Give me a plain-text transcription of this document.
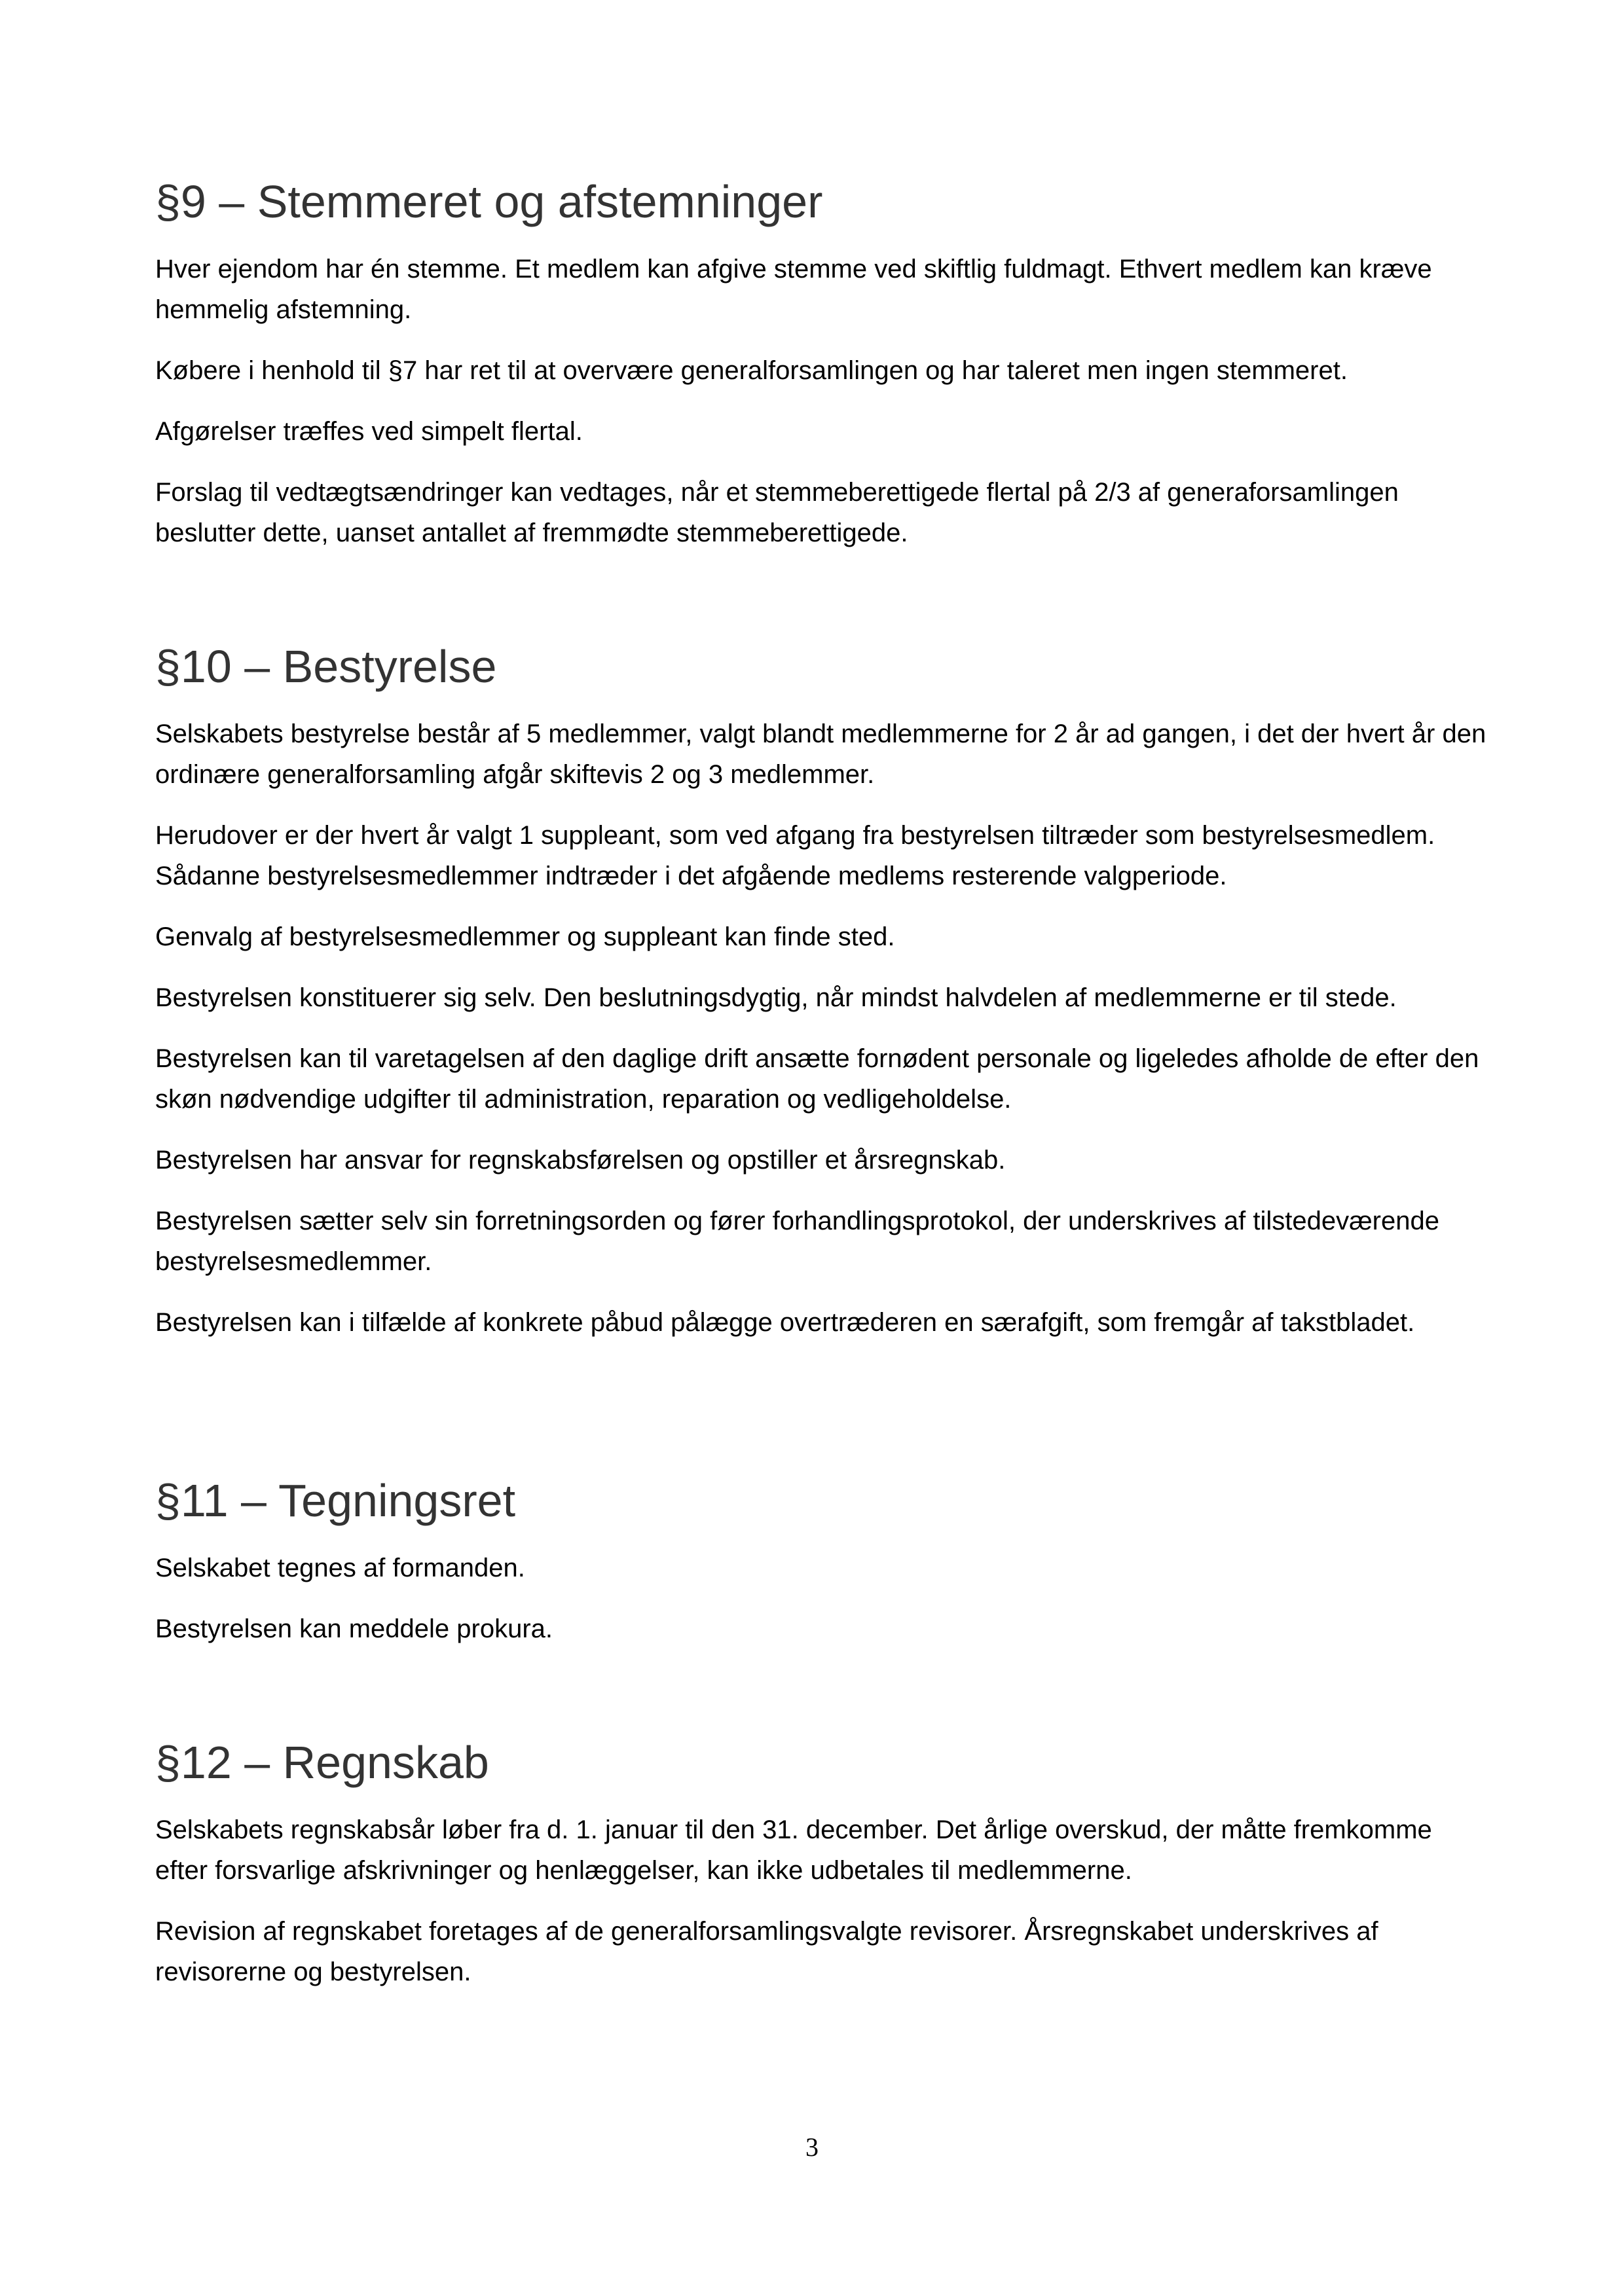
§9 – Stemmeret og afstemninger

Hver ejendom har én stemme. Et medlem kan afgive stemme ved skiftlig fuldmagt. Ethvert medlem kan kræve hemmelig afstemning.

Købere i henhold til §7 har ret til at overvære generalforsamlingen og har taleret men ingen stemmeret.

Afgørelser træffes ved simpelt flertal.

Forslag til vedtægtsændringer kan vedtages, når et stemmeberettigede flertal på 2/3 af generaforsamlingen beslutter dette, uanset antallet af fremmødte stemmeberettigede.

§10 – Bestyrelse

Selskabets bestyrelse består af 5 medlemmer, valgt blandt medlemmerne for 2 år ad gangen, i det der hvert år den ordinære generalforsamling afgår skiftevis 2 og 3 medlemmer.

Herudover er der hvert år valgt 1 suppleant, som ved afgang fra bestyrelsen tiltræder som bestyrelsesmedlem. Sådanne bestyrelsesmedlemmer indtræder i det afgående medlems resterende valgperiode.

Genvalg af bestyrelsesmedlemmer og suppleant kan finde sted.

Bestyrelsen konstituerer sig selv. Den beslutningsdygtig, når mindst halvdelen af medlemmerne er til stede.

Bestyrelsen kan til varetagelsen af den daglige drift ansætte fornødent personale og ligeledes afholde de efter den skøn nødvendige udgifter til administration, reparation og vedligeholdelse.

Bestyrelsen har ansvar for regnskabsførelsen og opstiller et årsregnskab.

Bestyrelsen sætter selv sin forretningsorden og fører forhandlingsprotokol, der underskrives af tilstedeværende bestyrelsesmedlemmer.

Bestyrelsen kan i tilfælde af konkrete påbud pålægge overtræderen en særafgift, som fremgår af takstbladet.

§11 – Tegningsret

Selskabet tegnes af formanden.

Bestyrelsen kan meddele prokura.

§12 – Regnskab

Selskabets regnskabsår løber fra d. 1. januar til den 31. december. Det årlige overskud, der måtte fremkomme efter forsvarlige afskrivninger og henlæggelser, kan ikke udbetales til medlemmerne.

Revision af regnskabet foretages af de generalforsamlingsvalgte revisorer. Årsregnskabet underskrives af revisorerne og bestyrelsen.

3
